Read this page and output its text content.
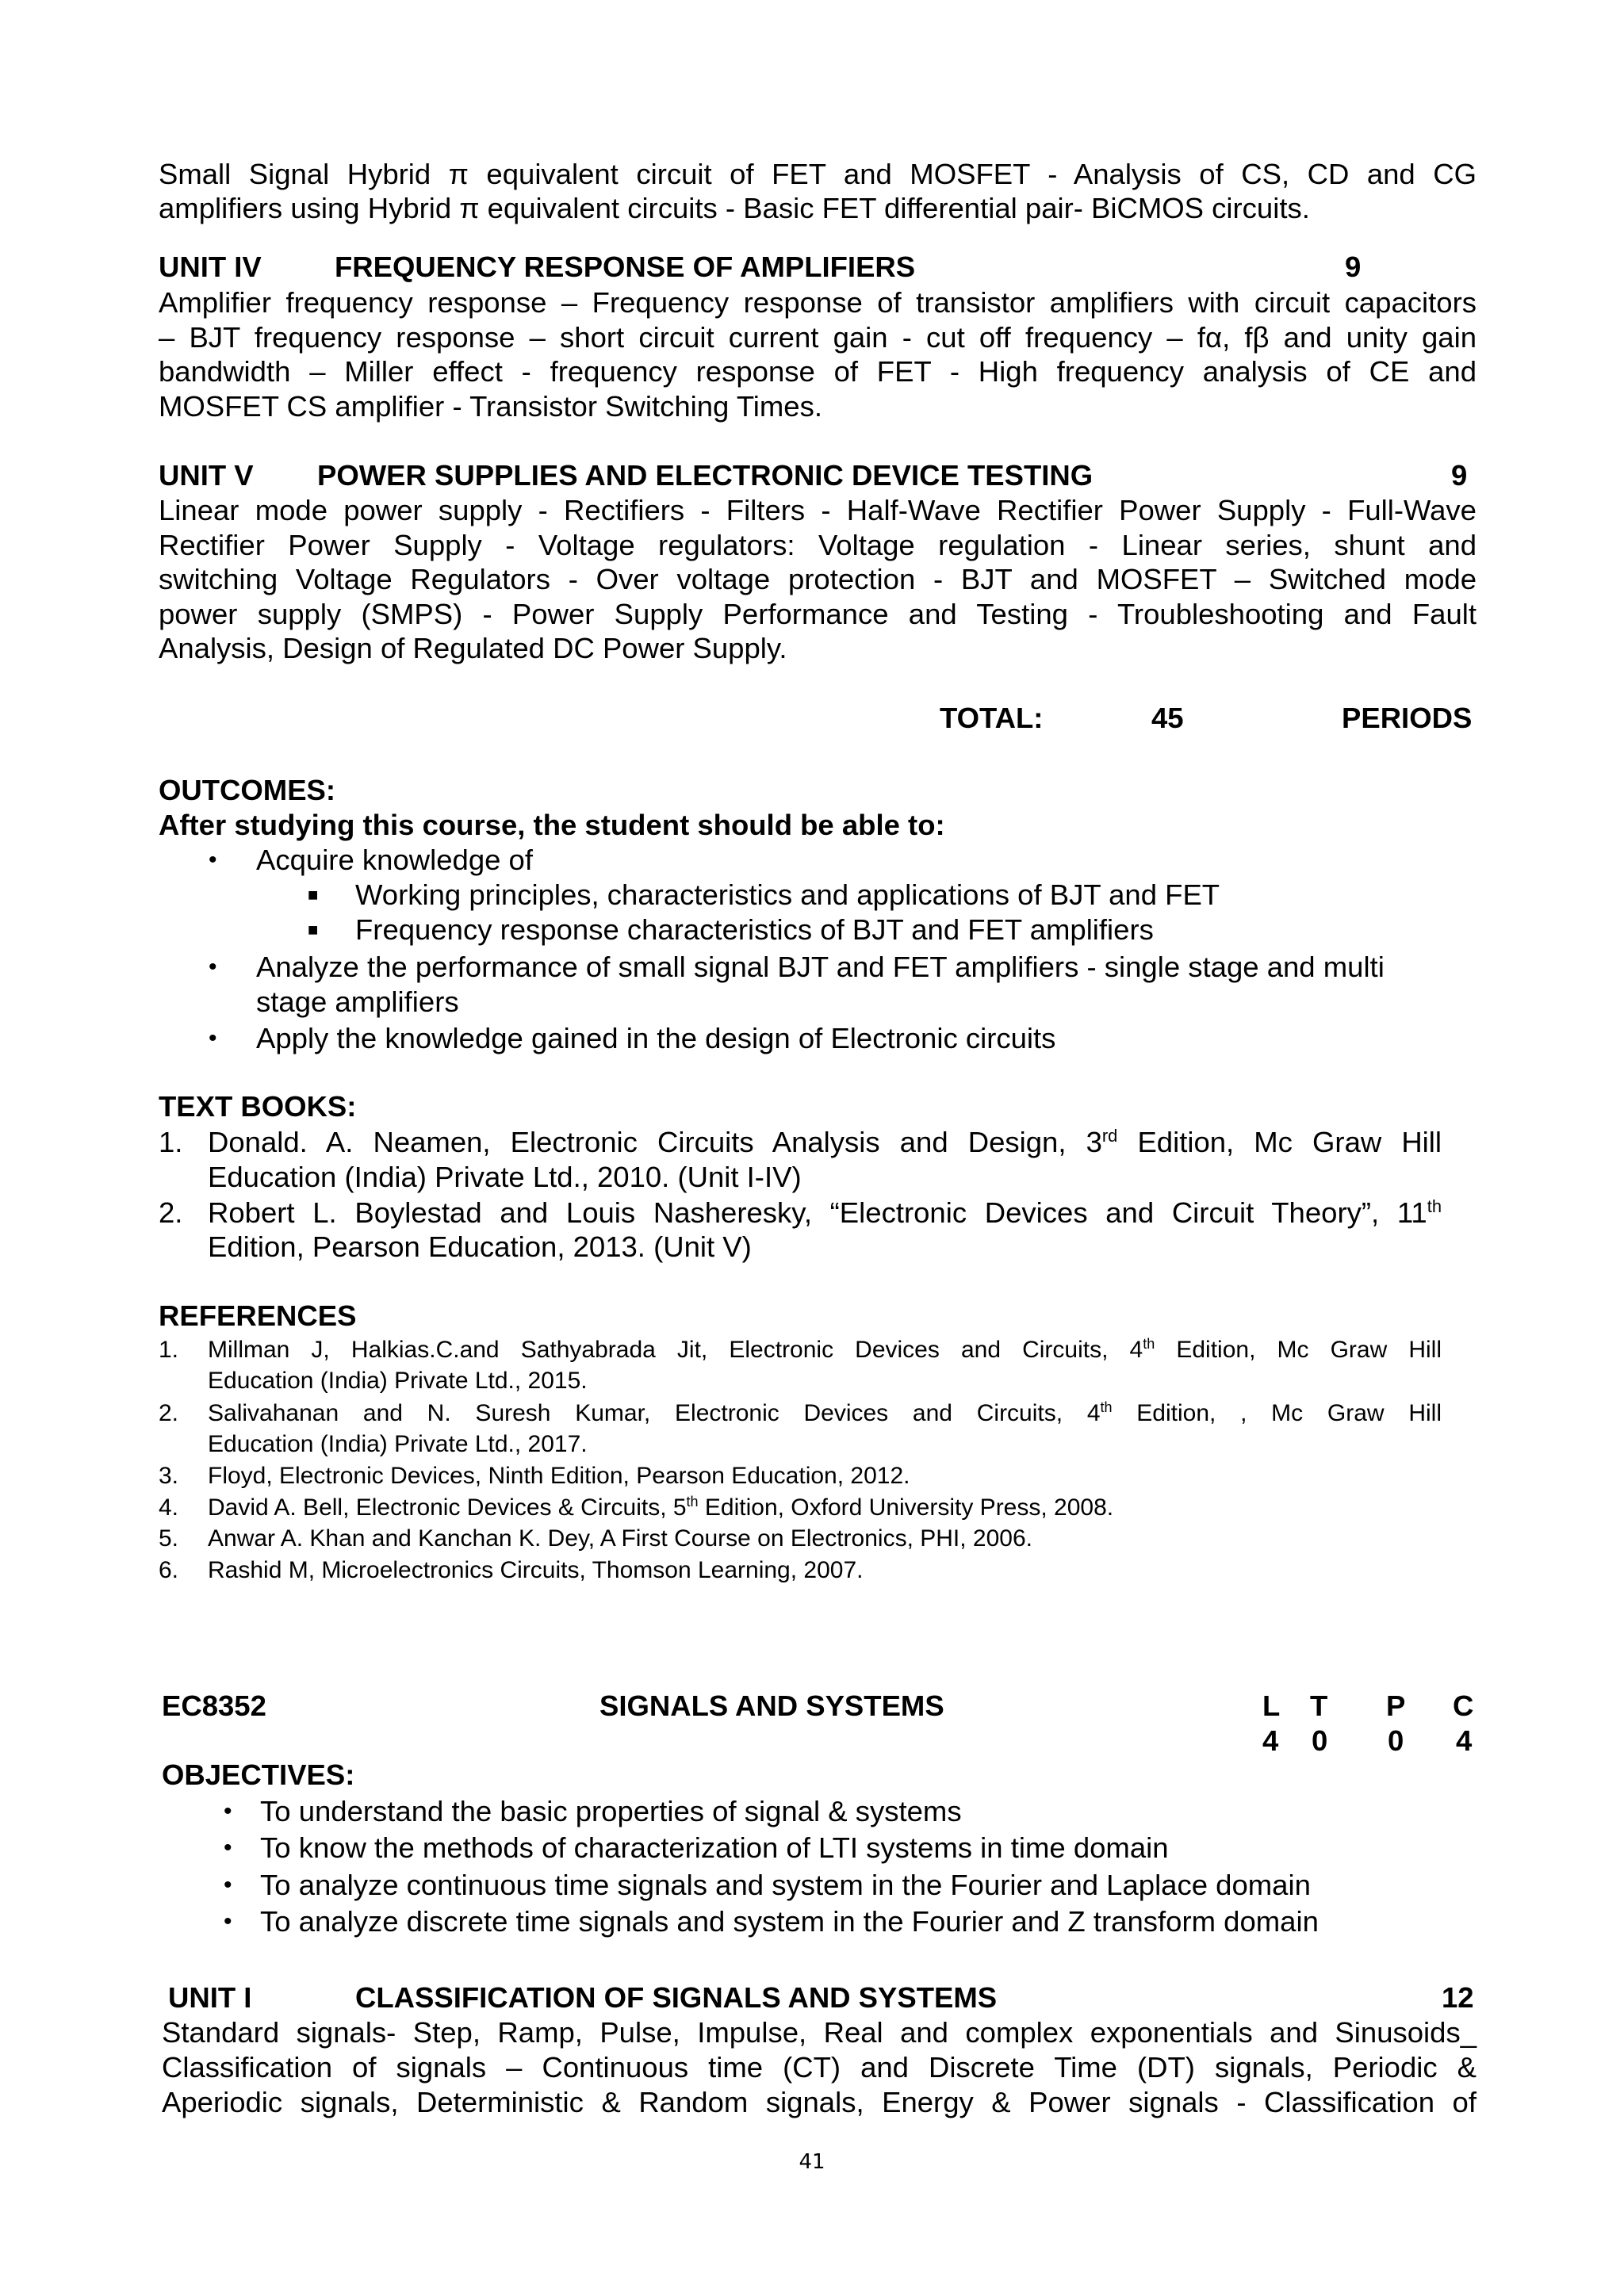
Small Signal Hybrid π equivalent circuit of FET and MOSFET - Analysis of CS, CD and CG
amplifiers using Hybrid π equivalent circuits - Basic FET differential pair- BiCMOS circuits.
UNIT IV	FREQUENCY RESPONSE OF AMPLIFIERS	9
Amplifier frequency response – Frequency response of transistor amplifiers with circuit capacitors
– BJT frequency response – short circuit current gain - cut off frequency – fα, fβ and unity gain
bandwidth – Miller effect - frequency response of FET - High frequency analysis of CE and
MOSFET CS amplifier - Transistor Switching Times.
UNIT V POWER SUPPLIES AND ELECTRONIC DEVICE TESTING	9
Linear mode power supply - Rectifiers - Filters - Half-Wave Rectifier Power Supply - Full-Wave
Rectifier Power Supply - Voltage regulators: Voltage regulation - Linear series, shunt and
switching Voltage Regulators - Over voltage protection - BJT and MOSFET – Switched mode
power supply (SMPS) - Power Supply Performance and Testing - Troubleshooting and Fault
Analysis, Design of Regulated DC Power Supply.
TOTAL:	45	PERIODS
OUTCOMES:
After studying this course, the student should be able to:
• Acquire knowledge of
■ Working principles, characteristics and applications of BJT and FET
■ Frequency response characteristics of BJT and FET amplifiers
• Analyze the performance of small signal BJT and FET amplifiers - single stage and multi
stage amplifiers
• Apply the knowledge gained in the design of Electronic circuits
TEXT BOOKS:
1. Donald. A. Neamen, Electronic Circuits Analysis and Design, 3rd Edition, Mc Graw Hill
Education (India) Private Ltd., 2010. (Unit I-IV)
2. Robert L. Boylestad and Louis Nasheresky, “Electronic Devices and Circuit Theory”, 11th
Edition, Pearson Education, 2013. (Unit V)
REFERENCES
1. Millman J, Halkias.C.and Sathyabrada Jit, Electronic Devices and Circuits, 4th Edition, Mc Graw Hill
Education (India) Private Ltd., 2015.
2. Salivahanan and N. Suresh Kumar, Electronic Devices and Circuits, 4th Edition, , Mc Graw Hill
Education (India) Private Ltd., 2017.
3. Floyd, Electronic Devices, Ninth Edition, Pearson Education, 2012.
4. David A. Bell, Electronic Devices & Circuits, 5th Edition, Oxford University Press, 2008.
5. Anwar A. Khan and Kanchan K. Dey, A First Course on Electronics, PHI, 2006.
6. Rashid M, Microelectronics Circuits, Thomson Learning, 2007.
EC8352	SIGNALS AND SYSTEMS	L T P C
4 0 0 4
OBJECTIVES:
• To understand the basic properties of signal & systems
• To know the methods of characterization of LTI systems in time domain
• To analyze continuous time signals and system in the Fourier and Laplace domain
• To analyze discrete time signals and system in the Fourier and Z transform domain
UNIT I	CLASSIFICATION OF SIGNALS AND SYSTEMS	12
Standard signals- Step, Ramp, Pulse, Impulse, Real and complex exponentials and Sinusoids_
Classification of signals – Continuous time (CT) and Discrete Time (DT) signals, Periodic &
Aperiodic signals, Deterministic & Random signals, Energy & Power signals - Classification of
41
